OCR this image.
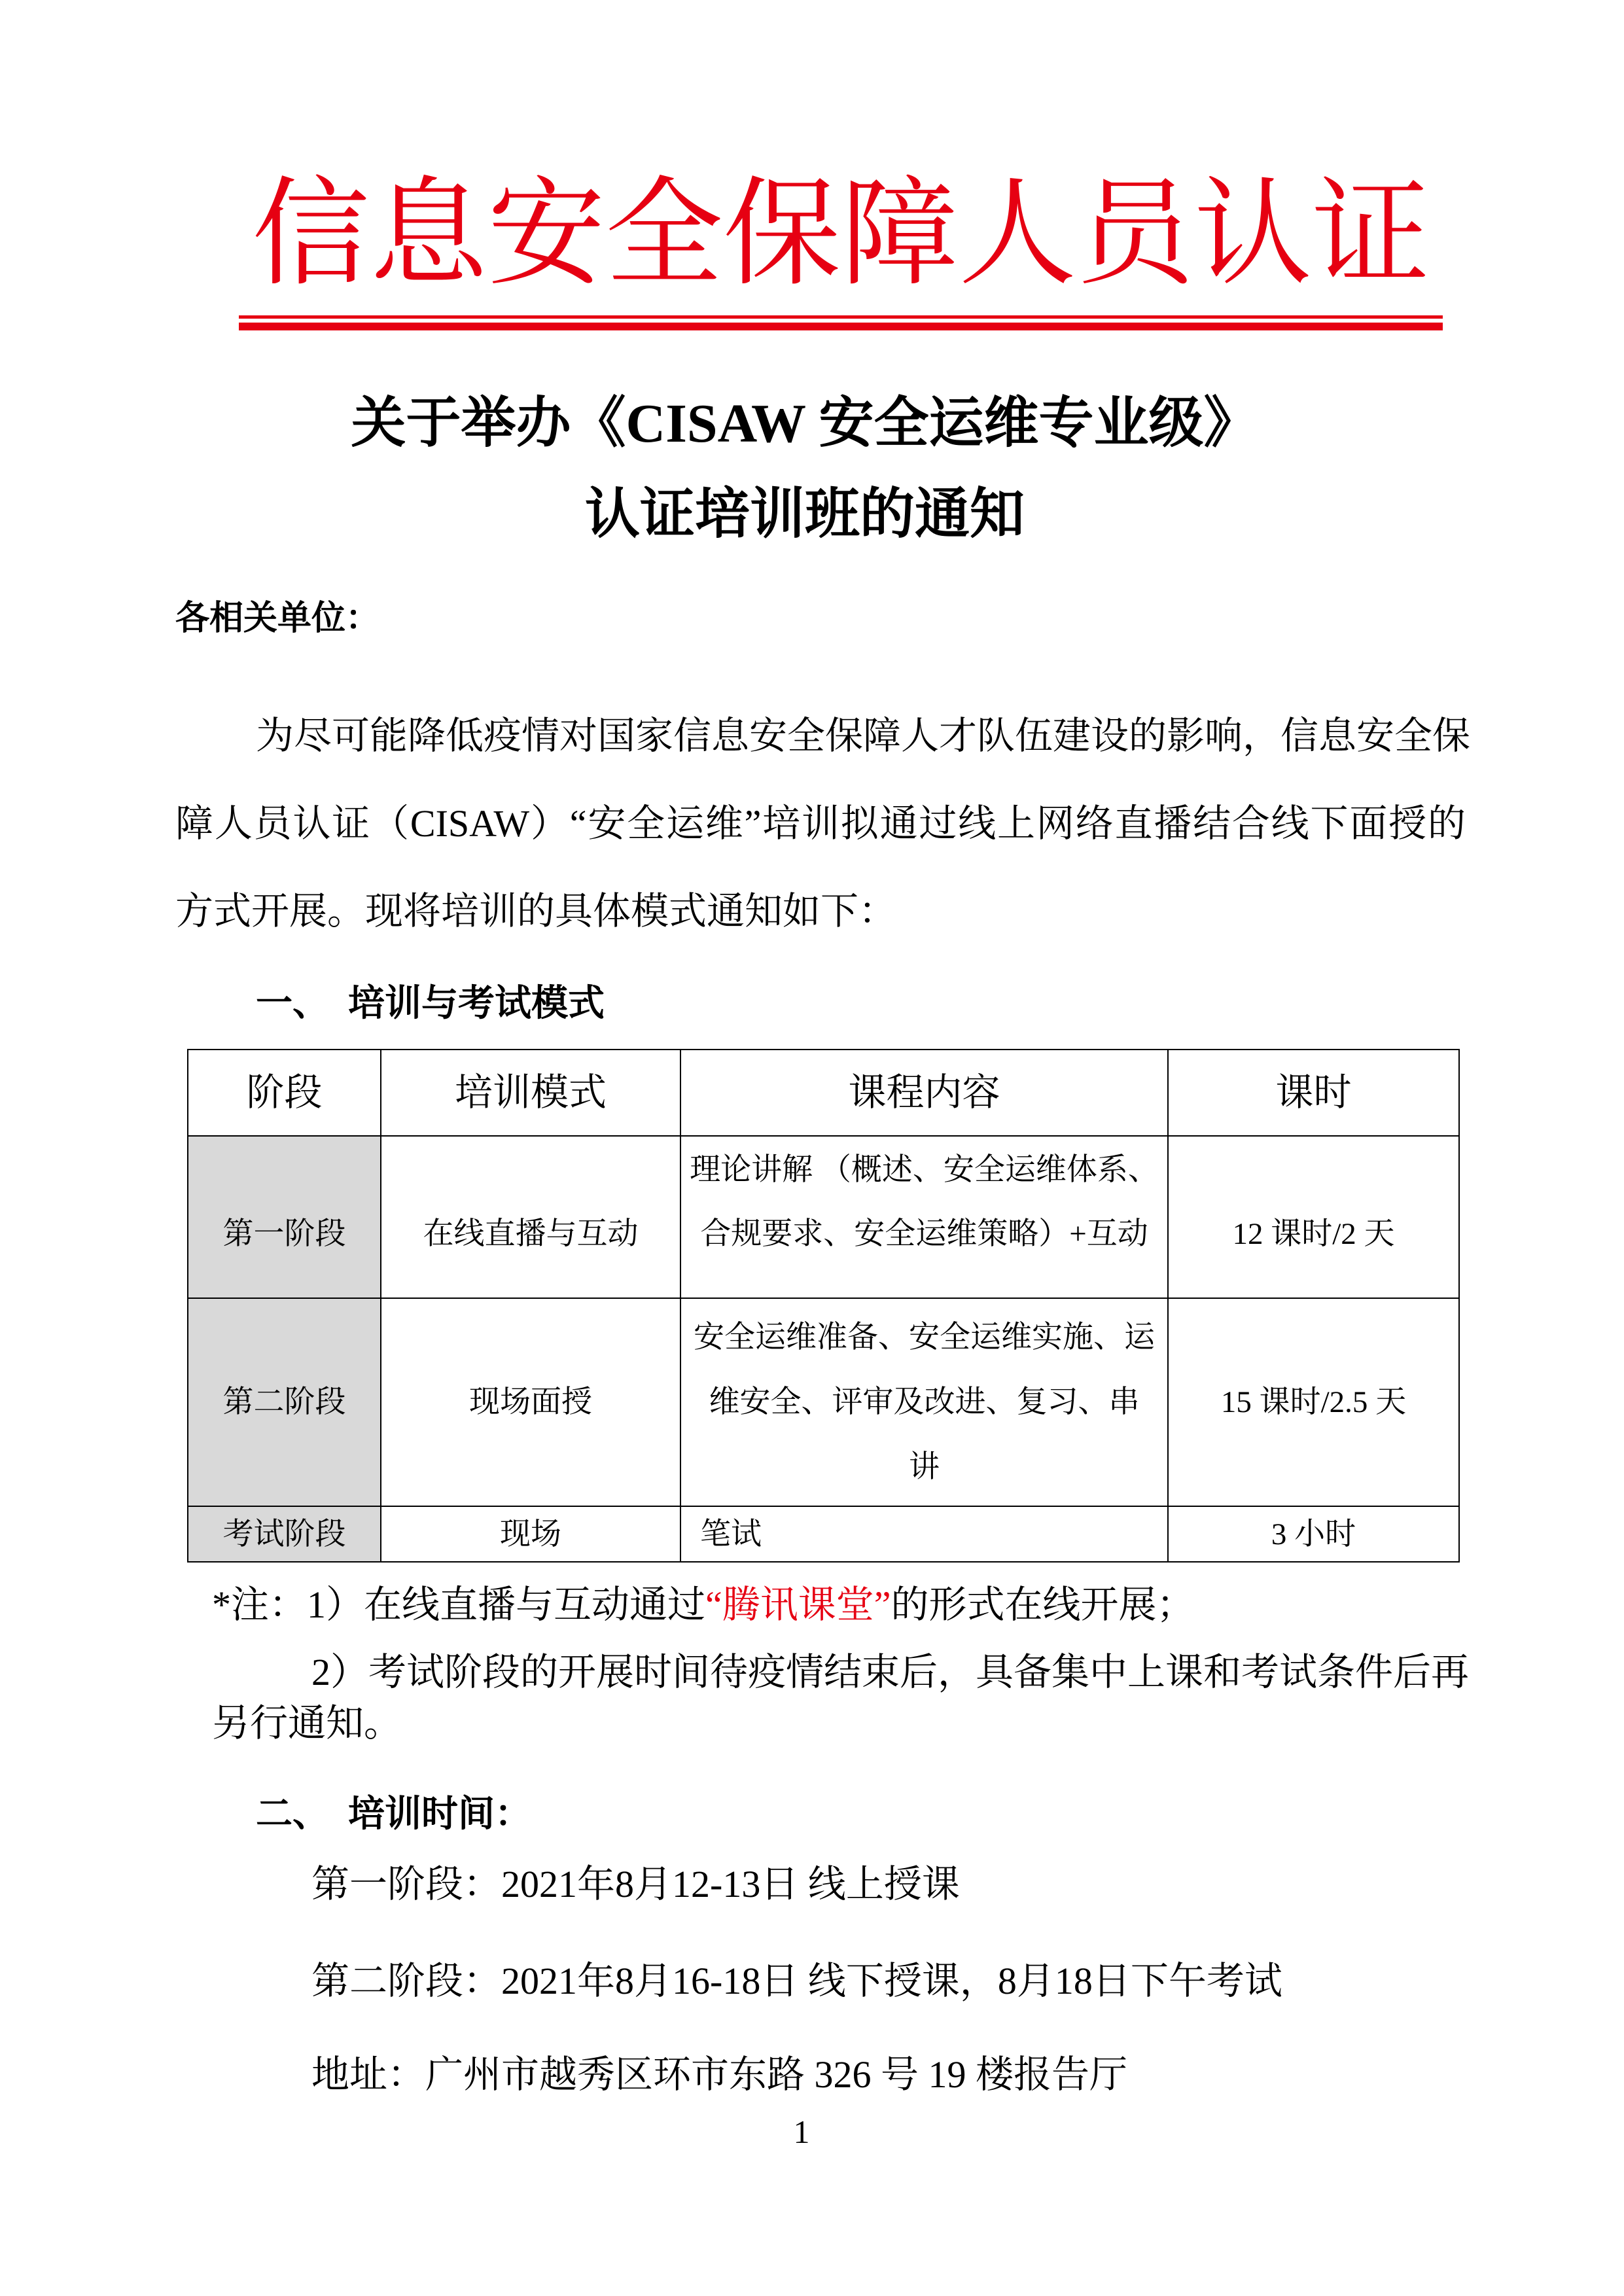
信息安全保障人员认证
关于举办《CISAW 安全运维专业级》
认证培训班的通知
各相关单位：
为尽可能降低疫情对国家信息安全保障人才队伍建设的影响，信息安全保
障人员认证（CISAW）“安全运维”培训拟通过线上网络直播结合线下面授的
方式开展。现将培训的具体模式通知如下：
一、 培训与考试模式
阶段	培训模式	课程内容	课时
第一阶段	在线直播与互动	理论讲解 （概述、安全运维体系、
合规要求、安全运维策略）+互动	12 课时/2 天
第二阶段	现场面授	安全运维准备、安全运维实施、运
维安全、评审及改进、复习、串
讲	15 课时/2.5 天
考试阶段	现场	笔试	3 小时
*注：1）在线直播与互动通过“腾讯课堂”的形式在线开展；
2）考试阶段的开展时间待疫情结束后，具备集中上课和考试条件后再
另行通知。
二、 培训时间：
第一阶段：2021年8月12-13日 线上授课
第二阶段：2021年8月16-18日 线下授课，8月18日下午考试
地址：广州市越秀区环市东路 326 号 19 楼报告厅
1
